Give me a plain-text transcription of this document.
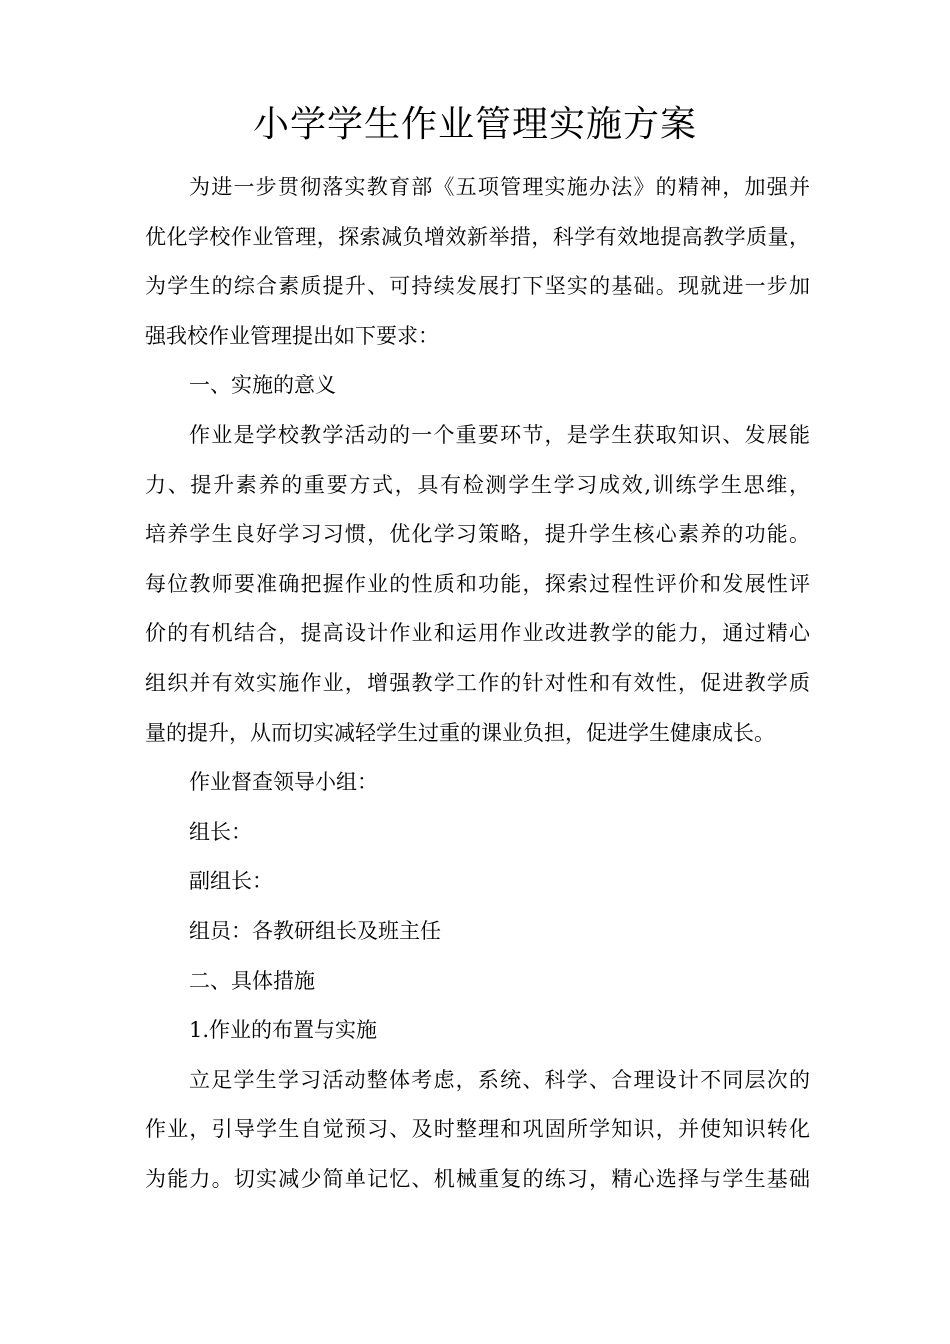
小学学生作业管理实施方案
为进一步贯彻落实教育部《五项管理实施办法》的精神，加强并
优化学校作业管理，探索减负增效新举措，科学有效地提高教学质量，
为学生的综合素质提升、可持续发展打下坚实的基础。现就进一步加
强我校作业管理提出如下要求：
一、实施的意义
作业是学校教学活动的一个重要环节，是学生获取知识、发展能
力、提升素养的重要方式，具有检测学生学习成效,训练学生思维，
培养学生良好学习习惯，优化学习策略，提升学生核心素养的功能。
每位教师要准确把握作业的性质和功能，探索过程性评价和发展性评
价的有机结合，提高设计作业和运用作业改进教学的能力，通过精心
组织并有效实施作业，增强教学工作的针对性和有效性，促进教学质
量的提升，从而切实减轻学生过重的课业负担，促进学生健康成长。
作业督查领导小组：
组长：
副组长：
组员：各教研组长及班主任
二、具体措施
1.作业的布置与实施
立足学生学习活动整体考虑，系统、科学、合理设计不同层次的
作业，引导学生自觉预习、及时整理和巩固所学知识，并使知识转化
为能力。切实减少简单记忆、机械重复的练习，精心选择与学生基础
